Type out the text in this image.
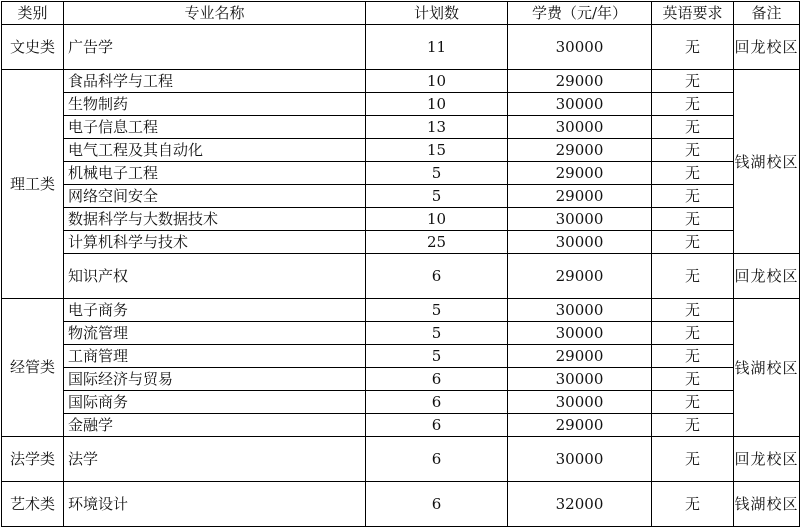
类别	专业名称	计划数	学费（元/年）	英语要求	备注
文史类	广告学	11	30000	无	回龙校区
理工类	食品科学与工程	10	29000	无	钱湖校区
	生物制药	10	30000	无	
	电子信息工程	13	30000	无	
	电气工程及其自动化	15	29000	无	
	机械电子工程	5	29000	无	
	网络空间安全	5	29000	无	
	数据科学与大数据技术	10	30000	无	
	计算机科学与技术	25	30000	无	
	知识产权	6	29000	无	回龙校区
经管类	电子商务	5	30000	无	钱湖校区
	物流管理	5	30000	无	
	工商管理	5	29000	无	
	国际经济与贸易	6	30000	无	
	国际商务	6	30000	无	
	金融学	6	29000	无	
法学类	法学	6	30000	无	回龙校区
艺术类	环境设计	6	32000	无	钱湖校区
